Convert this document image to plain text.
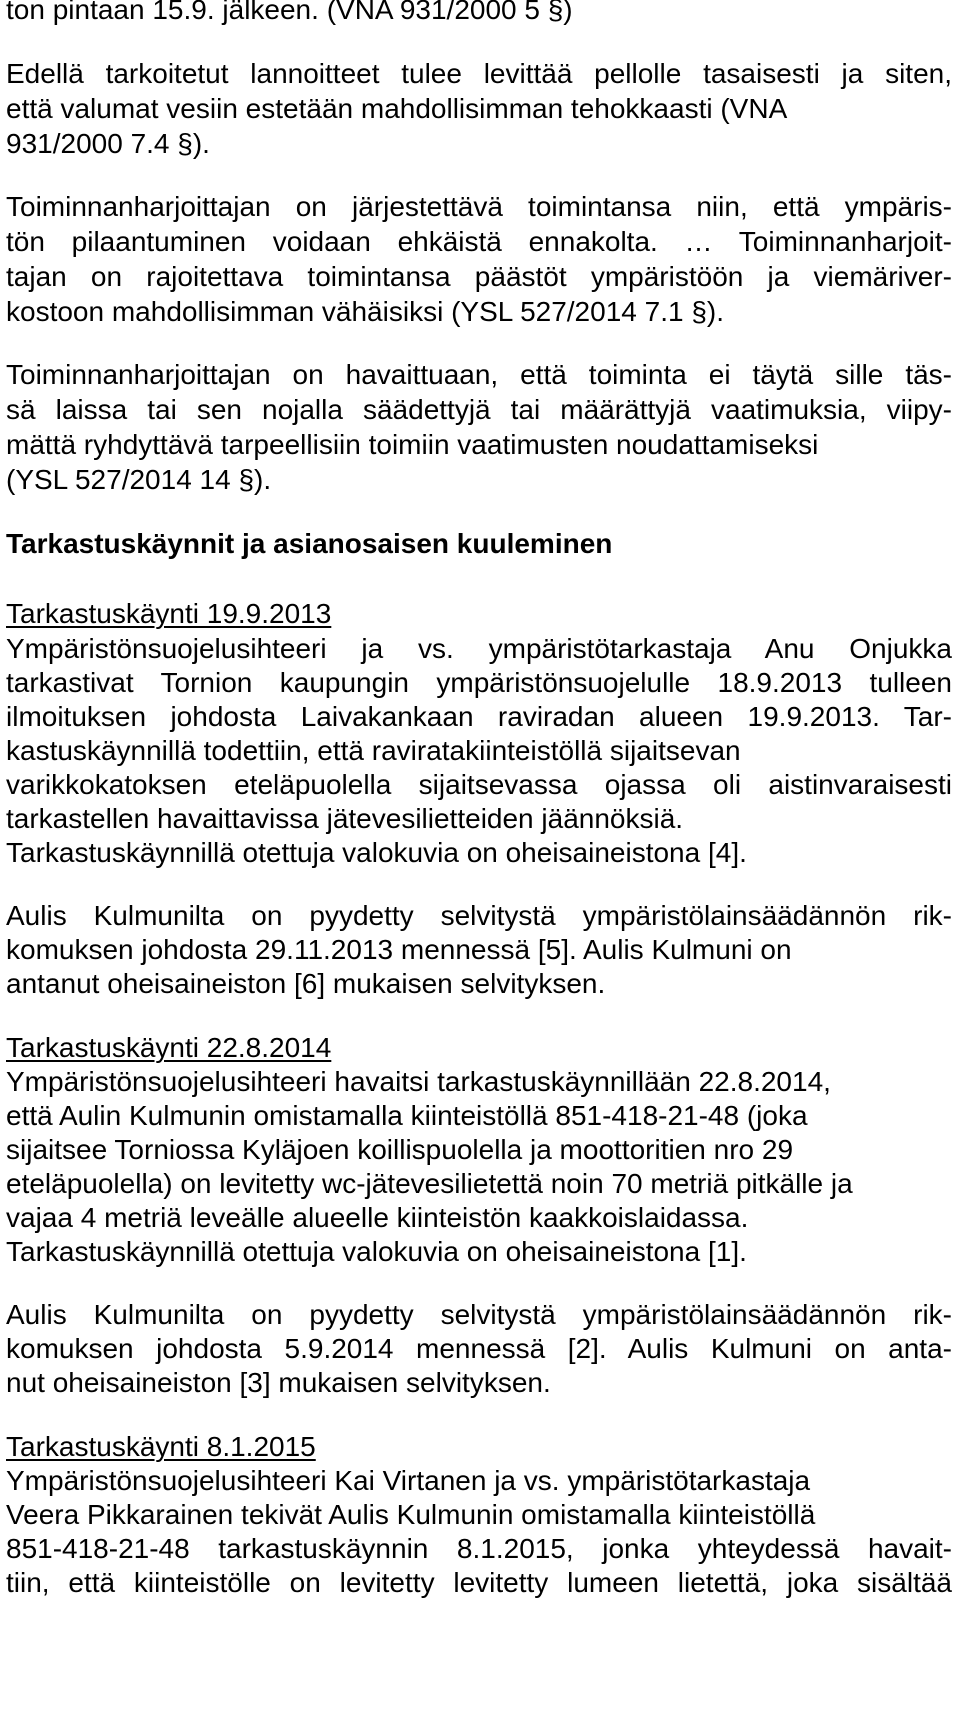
ton pintaan 15.9. jälkeen. (VNA 931/2000 5 §)
Edellä tarkoitetut lannoitteet tulee levittää pellolle tasaisesti ja siten,
että valumat vesiin estetään mahdollisimman tehokkaasti (VNA
931/2000 7.4 §).
Toiminnanharjoittajan on järjestettävä toimintansa niin, että ympäris-
tön pilaantuminen voidaan ehkäistä ennakolta. … Toiminnanharjoit-
tajan on rajoitettava toimintansa päästöt ympäristöön ja viemäriver-
kostoon mahdollisimman vähäisiksi (YSL 527/2014 7.1 §).
Toiminnanharjoittajan on havaittuaan, että toiminta ei täytä sille täs-
sä laissa tai sen nojalla säädettyjä tai määrättyjä vaatimuksia, viipy-
mättä ryhdyttävä tarpeellisiin toimiin vaatimusten noudattamiseksi
(YSL 527/2014 14 §).
Tarkastuskäynnit ja asianosaisen kuuleminen
Tarkastuskäynti 19.9.2013
Ympäristönsuojelusihteeri ja vs. ympäristötarkastaja Anu Onjukka
tarkastivat Tornion kaupungin ympäristönsuojelulle 18.9.2013 tulleen
ilmoituksen johdosta Laivakankaan raviradan alueen 19.9.2013. Tar-
kastuskäynnillä todettiin, että raviratakiinteistöllä sijaitsevan
varikkokatoksen eteläpuolella sijaitsevassa ojassa oli aistinvaraisesti
tarkastellen havaittavissa jätevesilietteiden jäännöksiä.
Tarkastuskäynnillä otettuja valokuvia on oheisaineistona [4].
Aulis Kulmunilta on pyydetty selvitystä ympäristölainsäädännön rik-
komuksen johdosta 29.11.2013 mennessä [5]. Aulis Kulmuni on
antanut oheisaineiston [6] mukaisen selvityksen.
Tarkastuskäynti 22.8.2014
Ympäristönsuojelusihteeri havaitsi tarkastuskäynnillään 22.8.2014,
että Aulin Kulmunin omistamalla kiinteistöllä 851-418-21-48 (joka
sijaitsee Torniossa Kyläjoen koillispuolella ja moottoritien nro 29
eteläpuolella) on levitetty wc-jätevesilietettä noin 70 metriä pitkälle ja
vajaa 4 metriä leveälle alueelle kiinteistön kaakkoislaidassa.
Tarkastuskäynnillä otettuja valokuvia on oheisaineistona [1].
Aulis Kulmunilta on pyydetty selvitystä ympäristölainsäädännön rik-
komuksen johdosta 5.9.2014 mennessä [2]. Aulis Kulmuni on anta-
nut oheisaineiston [3] mukaisen selvityksen.
Tarkastuskäynti 8.1.2015
Ympäristönsuojelusihteeri Kai Virtanen ja vs. ympäristötarkastaja
Veera Pikkarainen tekivät Aulis Kulmunin omistamalla kiinteistöllä
851-418-21-48 tarkastuskäynnin 8.1.2015, jonka yhteydessä havait-
tiin, että kiinteistölle on levitetty levitetty lumeen lietettä, joka sisältää
